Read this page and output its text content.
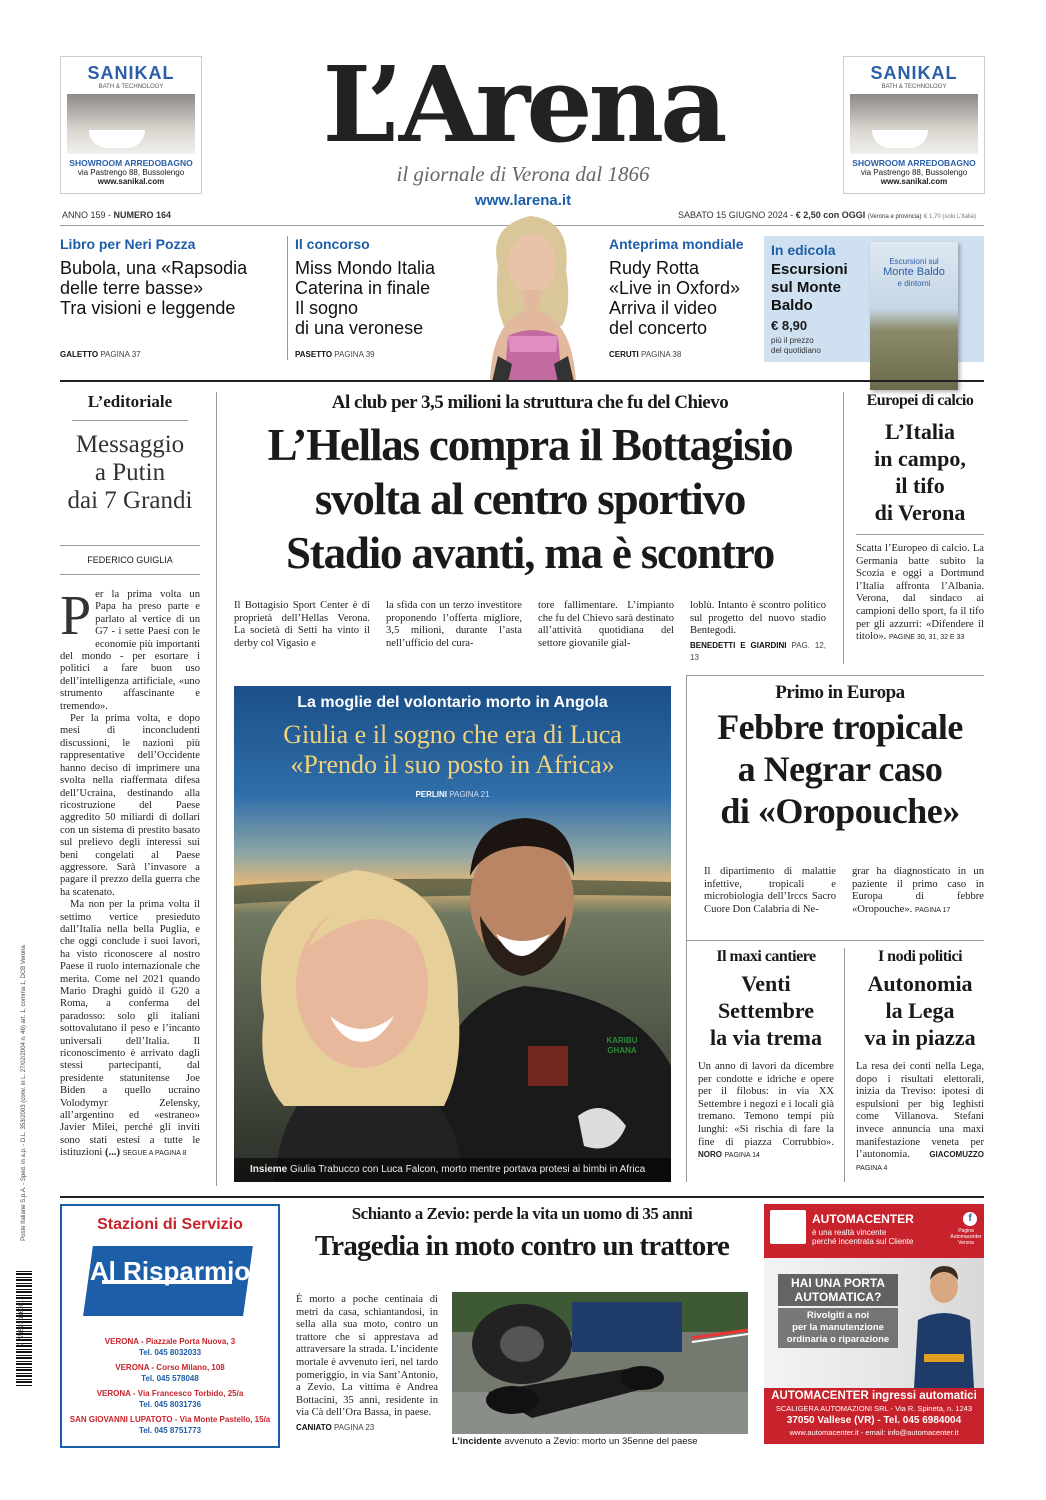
SANIKAL
BATH & TECHNOLOGY
SHOWROOM ARREDOBAGNO
via Pastrengo 88, Bussolengo
www.sanikal.com
SANIKAL
BATH & TECHNOLOGY
SHOWROOM ARREDOBAGNO
via Pastrengo 88, Bussolengo
www.sanikal.com
L’Arena
il giornale di Verona dal 1866
www.larena.it
ANNO 159 - NUMERO 164	SABATO 15 GIUGNO 2024 - € 2,50 con OGGI (Verona e provincia) € 1,70 (solo L’Italia)
Libro per Neri Pozza
Bubola, una «Rapsodia
delle terre basse»
Tra visioni e leggende
GALETTO PAGINA 37
Il concorso
Miss Mondo Italia
Caterina in finale
Il sogno
di una veronese
PASETTO PAGINA 39
Anteprima mondiale
Rudy Rotta
«Live in Oxford»
Arriva il video
del concerto
CERUTI PAGINA 38
In edicola
Escursioni
sul Monte
Baldo
€ 8,90
più il prezzo
del quotidiano
Escursioni sul
Monte Baldo
e dintorni
L’editoriale
Messaggio
a Putin
dai 7 Grandi
FEDERICO GUIGLIA
P er la prima volta un Papa ha preso parte e parlato al vertice di un G7 - i sette Paesi con le economie più importanti del mondo - per esortare i politici a fare buon uso dell’intelligenza artificiale, «uno strumento affascinante e tremendo».

Per la prima volta, e dopo mesi di inconcludenti discussioni, le nazioni più rappresentative dell’Occidente hanno deciso di imprimere una svolta nella riaffermata difesa dell’Ucraina, destinando alla ricostruzione del Paese aggredito 50 miliardi di dollari con un sistema di prestito basato sul prelievo degli interessi sui beni congelati al Paese aggressore. Sarà l’invasore a pagare il prezzo della guerra che ha scatenato.

Ma non per la prima volta il settimo vertice presieduto dall’Italia nella bella Puglia, e che oggi conclude i suoi lavori, ha visto riconoscere al nostro Paese il ruolo internazionale che merita. Come nel 2021 quando Mario Draghi guidò il G20 a Roma, a conferma del paradosso: solo gli italiani sottovalutano il peso e l’incanto universali dell’Italia. Il riconoscimento è arrivato dagli stessi partecipanti, dal presidente statunitense Joe Biden a quello ucraino Volodymyr Zelensky, all’argentino ed «estraneo» Javier Milei, perché gli inviti sono stati estesi a tutte le istituzioni (...) SEGUE A PAGINA 8

Al club per 3,5 milioni la struttura che fu del Chievo
L’Hellas compra il Bottagisio
svolta al centro sportivo
Stadio avanti, ma è scontro
Il Bottagisio Sport Center è di proprietà dell’Hellas Verona. La società di Setti ha vinto il derby col Vigasio e
la sfida con un terzo investitore proponendo l’offerta migliore, 3,5 milioni, durante l’asta nell’ufficio del cura-
tore fallimentare. L’impianto che fu del Chievo sarà destinato all’attività quotidiana del settore giovanile gial-
loblù. Intanto è scontro politico sul progetto del nuovo stadio Bentegodi.
BENEDETTI E GIARDINI PAG. 12, 13
Europei di calcio
L’Italia
in campo,
il tifo
di Verona
Scatta l’Europeo di calcio. La Germania batte subito la Scozia e oggi a Dortmund l’Italia affronta l’Albania. Verona, dal sindaco ai campioni dello sport, fa il tifo per gli azzurri: «Difendere il titolo». PAGINE 30, 31, 32 E 33
KARIBU GHANA
La moglie del volontario morto in Angola
Giulia e il sogno che era di Luca
«Prendo il suo posto in Africa»
PERLINI PAGINA 21
Insieme Giulia Trabucco con Luca Falcon, morto mentre portava protesi ai bimbi in Africa
Primo in Europa
Febbre tropicale
a Negrar caso
di «Oropouche»
Il dipartimento di malattie infettive, tropicali e microbiologia dell’Irccs Sacro Cuore Don Calabria di Ne-
grar ha diagnosticato in un paziente il primo caso in Europa di febbre «Oropouche». PAGINA 17
Il maxi cantiere
Venti
Settembre
la via trema
Un anno di lavori da dicembre per condotte e idriche e opere per il filobus: in via XX Settembre i negozi e i locali già tremano. Temono tempi più lunghi: «Si rischia di fare la fine di piazza Corrubbio». NORO PAGINA 14
I nodi politici
Autonomia
la Lega
va in piazza
La resa dei conti nella Lega, dopo i risultati elettorali, inizia da Treviso: ipotesi di espulsioni per big leghisti come Villanova. Stefani invece annuncia una maxi manifestazione veneta per l’autonomia. GIACOMUZZO PAGINA 4
Stazioni di Servizio
Al Risparmio
VERONA - Piazzale Porta Nuova, 3
Tel. 045 8032033
VERONA - Corso Milano, 108
Tel. 045 578048
VERONA - Via Francesco Torbido, 25/a
Tel. 045 8031736
SAN GIOVANNI LUPATOTO - Via Monte Pastello, 15/a
Tel. 045 8751773
Schianto a Zevio: perde la vita un uomo di 35 anni
Tragedia in moto contro un trattore
È morto a poche centinaia di metri da casa, schiantandosi, in sella alla sua moto, contro un trattore che si apprestava ad attraversare la strada. L’incidente mortale è avvenuto ieri, nel tardo pomeriggio, in via Sant’Antonio, a Zevio. La vittima è Andrea Bottacini, 35 anni, residente in via Cà dell’Ora Bassa, in paese.
CANIATO PAGINA 23
L’incidente avvenuto a Zevio: morto un 35enne del paese
AUTOMACENTER
è una realtà vincente
perché incentrata sul Cliente
f
Pagina Automacenter Verona
HAI UNA PORTA
AUTOMATICA?
Rivolgiti a noi
per la manutenzione
ordinaria o riparazione
AUTOMACENTER ingressi automatici
SCALIGERA AUTOMAZIONI SRL - Via R. Spineta, n. 1243
37050 Vallese (VR) - Tel. 045 6984004
www.automacenter.it - email: info@automacenter.it
Poste Italiane S.p.A. - Sped. in a.p. - D.L. 353/2003 (conv. in L. 27/02/2004 n. 46) art. 1, comma 1, DCB Verona
9 771591 116001
